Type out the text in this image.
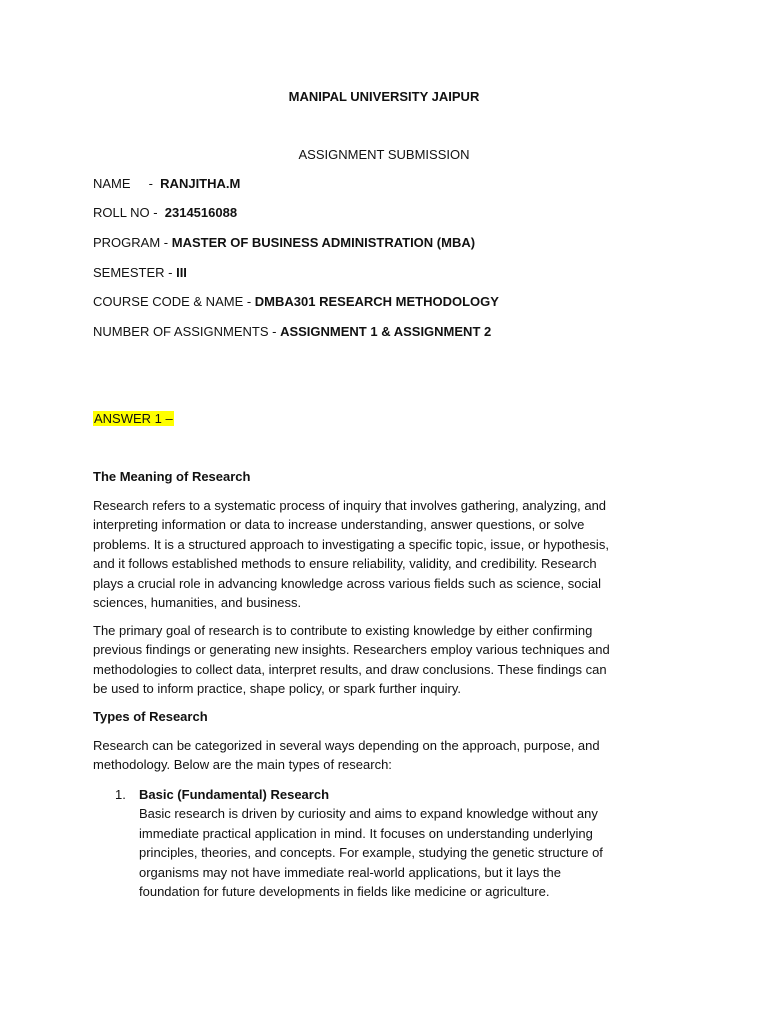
MANIPAL UNIVERSITY JAIPUR
ASSIGNMENT SUBMISSION
NAME     -  RANJITHA.M
ROLL NO -  2314516088
PROGRAM - MASTER OF BUSINESS ADMINISTRATION (MBA)
SEMESTER - III
COURSE CODE & NAME - DMBA301 RESEARCH METHODOLOGY
NUMBER OF ASSIGNMENTS - ASSIGNMENT 1 & ASSIGNMENT 2
ANSWER 1 –
The Meaning of Research

Research refers to a systematic process of inquiry that involves gathering, analyzing, and

interpreting information or data to increase understanding, answer questions, or solve

problems. It is a structured approach to investigating a specific topic, issue, or hypothesis,

and it follows established methods to ensure reliability, validity, and credibility. Research

plays a crucial role in advancing knowledge across various fields such as science, social

sciences, humanities, and business.

The primary goal of research is to contribute to existing knowledge by either confirming

previous findings or generating new insights. Researchers employ various techniques and

methodologies to collect data, interpret results, and draw conclusions. These findings can

be used to inform practice, shape policy, or spark further inquiry.

Types of Research

Research can be categorized in several ways depending on the approach, purpose, and

methodology. Below are the main types of research:

1. Basic (Fundamental) Research
Basic research is driven by curiosity and aims to expand knowledge without any
immediate practical application in mind. It focuses on understanding underlying
principles, theories, and concepts. For example, studying the genetic structure of
organisms may not have immediate real-world applications, but it lays the
foundation for future developments in fields like medicine or agriculture.
